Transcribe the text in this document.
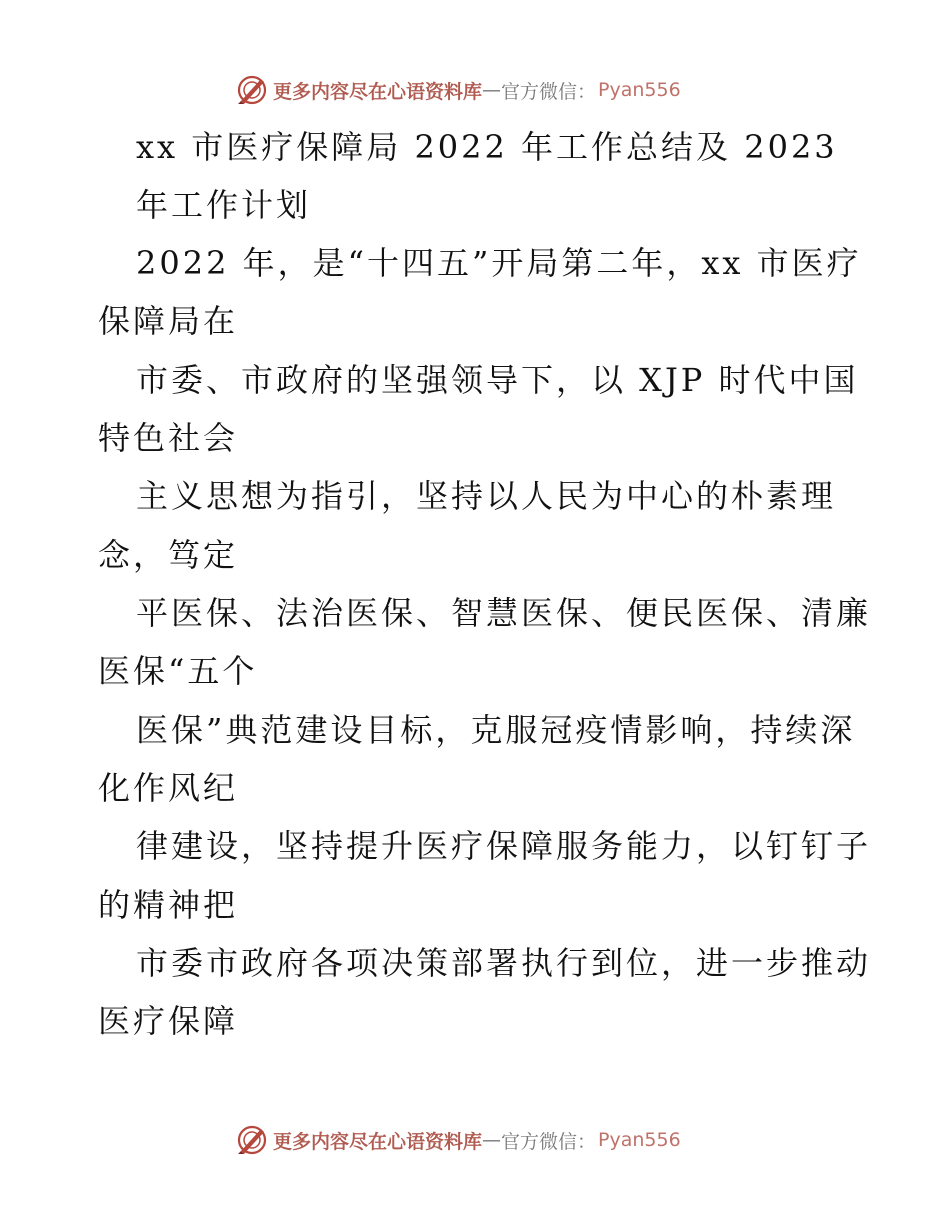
更多内容尽在心语资料库 — 官方微信： Pyan556
xx 市医疗保障局 2022 年工作总结及 2023
年工作计划
2022 年，是“十四五”开局第二年，xx 市医疗
保障局在
市委、市政府的坚强领导下，以 XJP 时代中国
特色社会
主义思想为指引，坚持以人民为中心的朴素理
念，笃定
平医保、法治医保、智慧医保、便民医保、清廉
医保“五个
医保”典范建设目标，克服冠疫情影响，持续深
化作风纪
律建设，坚持提升医疗保障服务能力，以钉钉子
的精神把
市委市政府各项决策部署执行到位，进一步推动
医疗保障
更多内容尽在心语资料库 — 官方微信： Pyan556
